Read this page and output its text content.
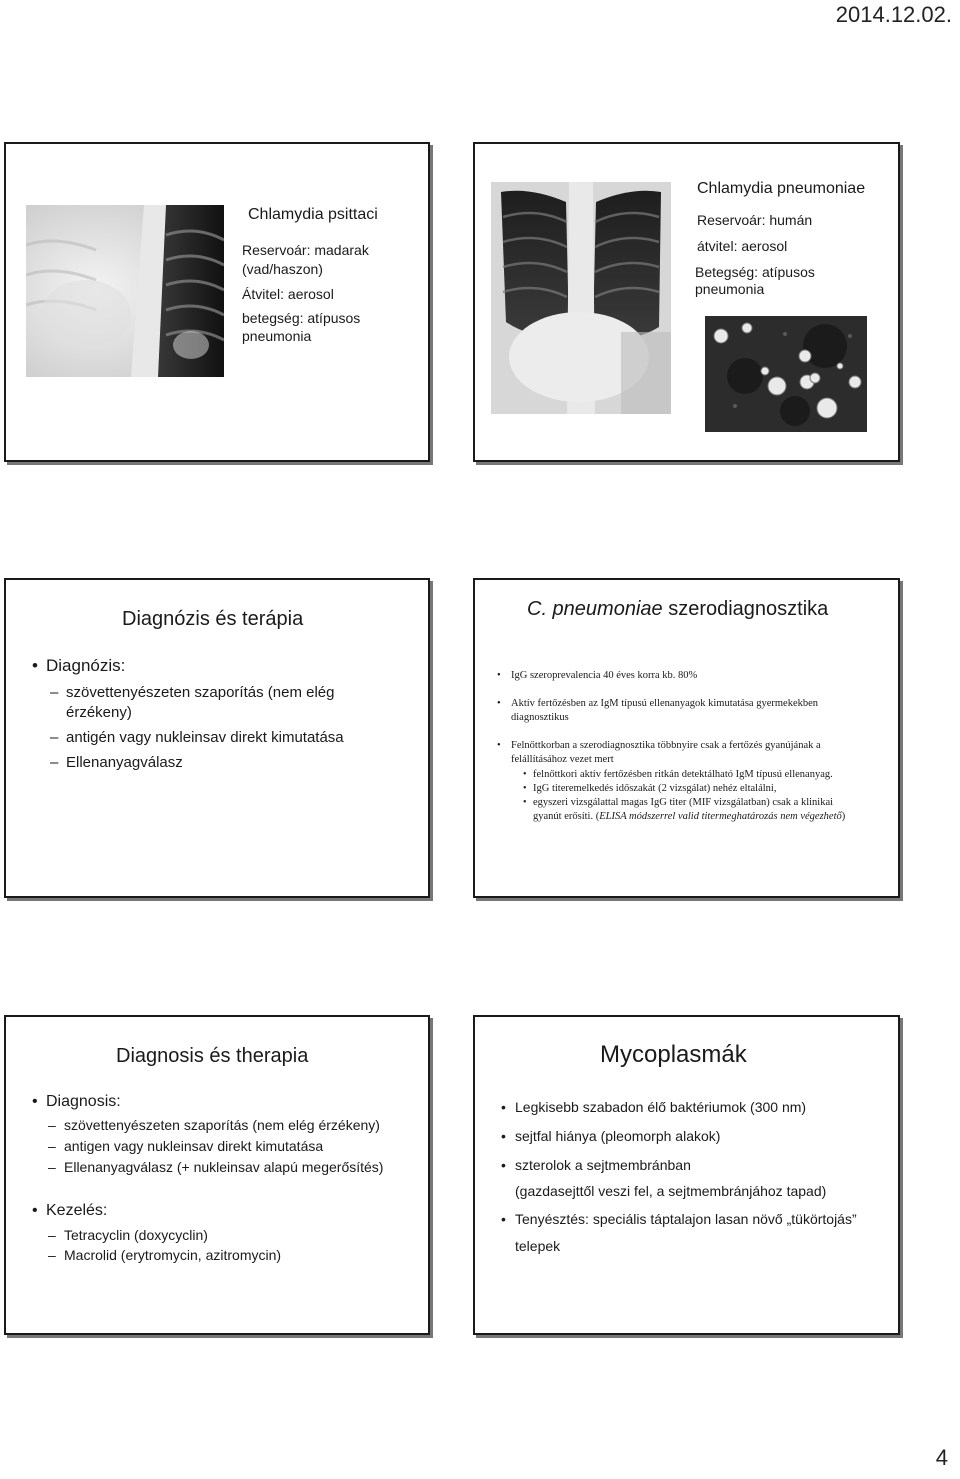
2014.12.02.
Chlamydia psittaci
Reservoár: madarak
(vad/haszon)
Átvitel: aerosol
betegség: atípusos
pneumonia
Chlamydia pneumoniae
Reservoár: humán
átvitel: aerosol
Betegség: atípusos
pneumonia
Diagnózis és terápia
• Diagnózis:
– szövettenyészeten szaporítás (nem elég
érzékeny)
– antigén vagy nukleinsav direkt kimutatása
– Ellenanyagválasz
C. pneumoniae szerodiagnosztika
• IgG szeroprevalencia 40 éves korra kb. 80%
• Aktív fertőzésben az IgM típusú ellenanyagok kimutatása gyermekekben
diagnosztikus
• Felnőttkorban a szerodiagnosztika többnyire csak a fertőzés gyanújának a
felállításához vezet mert
• felnőttkori aktív fertőzésben ritkán detektálható IgM típusú ellenanyag.
• IgG titeremelkedés időszakát (2 vizsgálat) nehéz eltalálni,
• egyszeri vizsgálattal magas IgG titer (MIF vizsgálatban) csak a klinikai
gyanút erősíti. (ELISA módszerrel valid titermeghatározás nem végezhető)
Diagnosis és therapia
• Diagnosis:
– szövettenyészeten szaporítás (nem elég érzékeny)
– antigen vagy nukleinsav direkt kimutatása
– Ellenanyagválasz (+ nukleinsav alapú megerősítés)
• Kezelés:
– Tetracyclin (doxycyclin)
– Macrolid (erytromycin, azitromycin)
Mycoplasmák
• Legkisebb szabadon élő baktériumok (300 nm)
• sejtfal hiánya (pleomorph alakok)
• szterolok a sejtmembránban
(gazdasejttől veszi fel, a sejtmembránjához tapad)
• Tenyésztés: speciális táptalajon lasan növő „tükörtojás”
telepek
4
